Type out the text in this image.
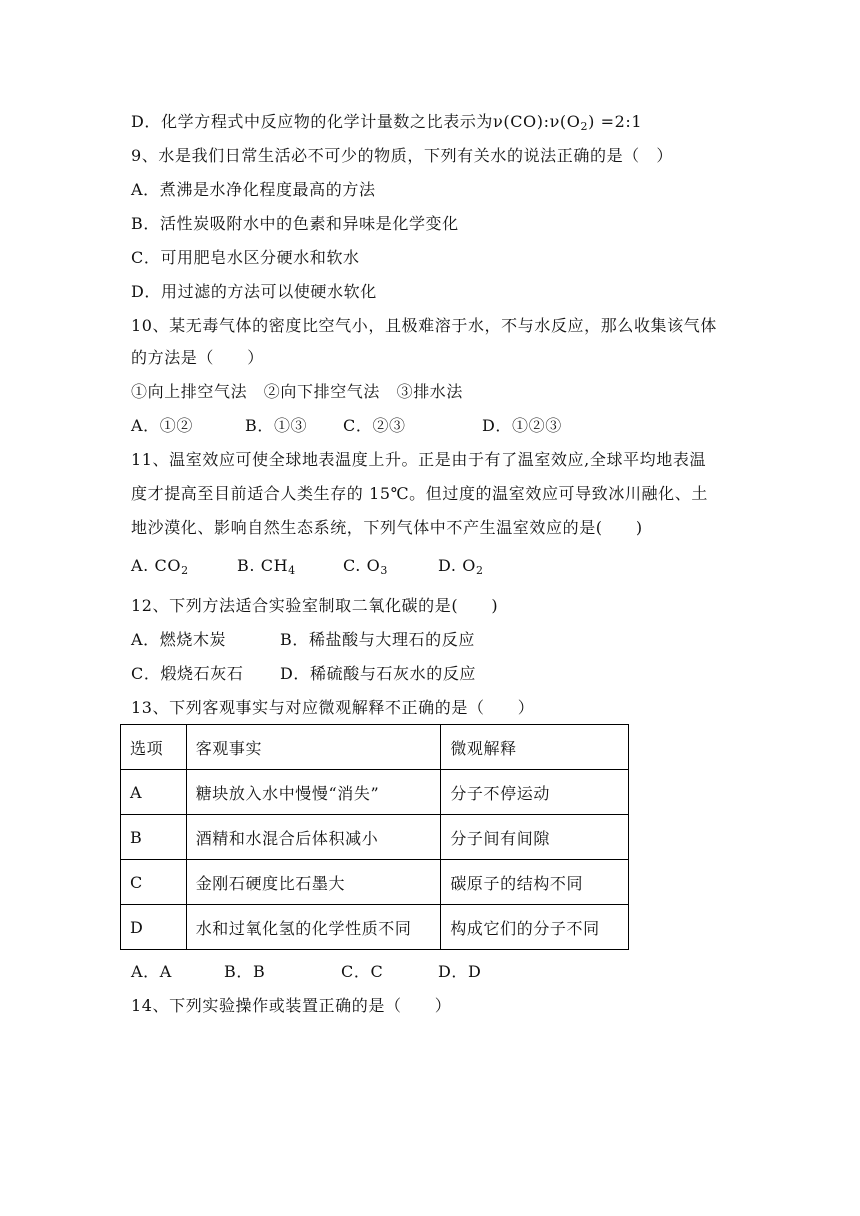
D．化学方程式中反应物的化学计量数之比表示为$\nu(CO):\nu(O_2)$ =2:1
9、水是我们日常生活必不可少的物质，下列有关水的说法正确的是（　）
A．煮沸是水净化程度最高的方法
B．活性炭吸附水中的色素和异味是化学变化
C．可用肥皂水区分硬水和软水
D．用过滤的方法可以使硬水软化
10、某无毒气体的密度比空气小，且极难溶于水，不与水反应，那么收集该气体
的方法是（　　）
①向上排空气法　②向下排空气法　③排水法
A．①②	B．①③ C．②③	D．①②③
11、温室效应可使全球地表温度上升。正是由于有了温室效应,全球平均地表温
度才提高至目前适合人类生存的 15℃。但过度的温室效应可导致冰川融化、土
地沙漠化、影响自然生态系统，下列气体中不产生温室效应的是(　　)
A. $CO_2$	B. $CH_4$	C. $O_3$	D. $O_2$
12、下列方法适合实验室制取二氧化碳的是(　　)
A．燃烧木炭	B．稀盐酸与大理石的反应
C．煅烧石灰石 D．稀硫酸与石灰水的反应
13、下列客观事实与对应微观解释不正确的是（　　）
选项	客观事实	微观解释
A	糖块放入水中慢慢“消失”	分子不停运动
B	酒精和水混合后体积减小	分子间有间隙
C	金刚石硬度比石墨大	碳原子的结构不同
D	水和过氧化氢的化学性质不同	构成它们的分子不同
A．A	B．B	C．C	D．D
14、下列实验操作或装置正确的是（　　）
